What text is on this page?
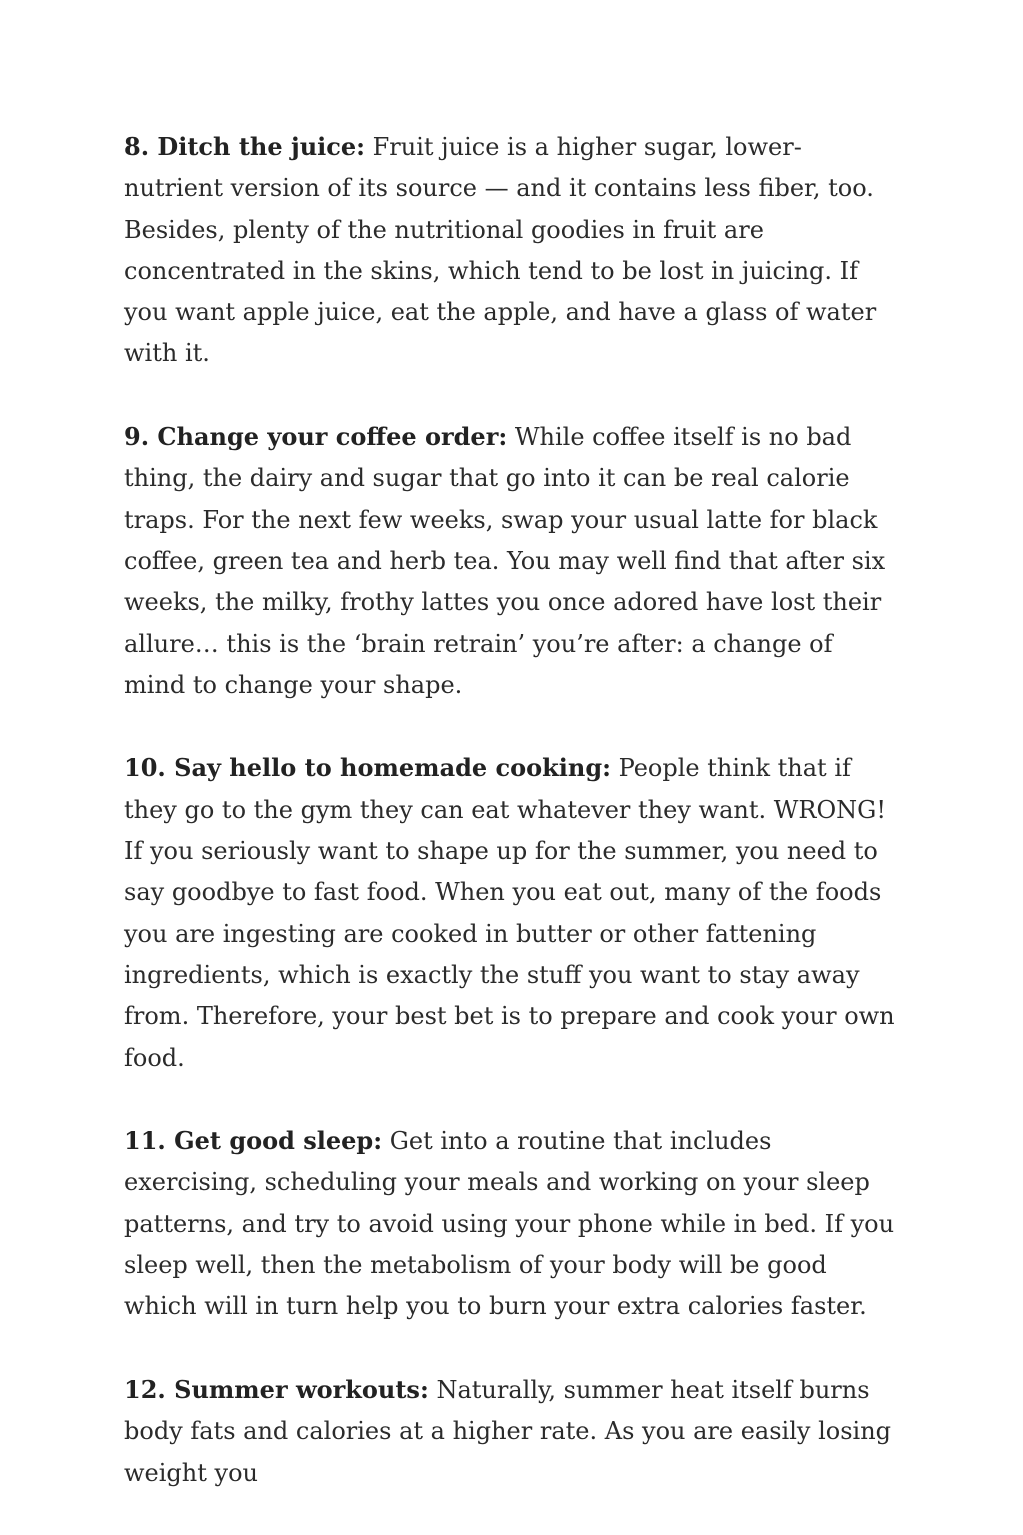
8. Ditch the juice: Fruit juice is a higher sugar, lower-nutrient version of its source — and it contains less fiber, too. Besides, plenty of the nutritional goodies in fruit are concentrated in the skins, which tend to be lost in juicing. If you want apple juice, eat the apple, and have a glass of water with it.

9. Change your coffee order: While coffee itself is no bad thing, the dairy and sugar that go into it can be real calorie traps. For the next few weeks, swap your usual latte for black coffee, green tea and herb tea. You may well find that after six weeks, the milky, frothy lattes you once adored have lost their allure… this is the ‘brain retrain’ you’re after: a change of mind to change your shape.

10. Say hello to homemade cooking: People think that if they go to the gym they can eat whatever they want. WRONG! If you seriously want to shape up for the summer, you need to say goodbye to fast food. When you eat out, many of the foods you are ingesting are cooked in butter or other fattening ingredients, which is exactly the stuff you want to stay away from. Therefore, your best bet is to prepare and cook your own food.

11. Get good sleep: Get into a routine that includes exercising, scheduling your meals and working on your sleep patterns, and try to avoid using your phone while in bed. If you sleep well, then the metabolism of your body will be good which will in turn help you to burn your extra calories faster.

12. Summer workouts: Naturally, summer heat itself burns body fats and calories at a higher rate. As you are easily losing weight you
